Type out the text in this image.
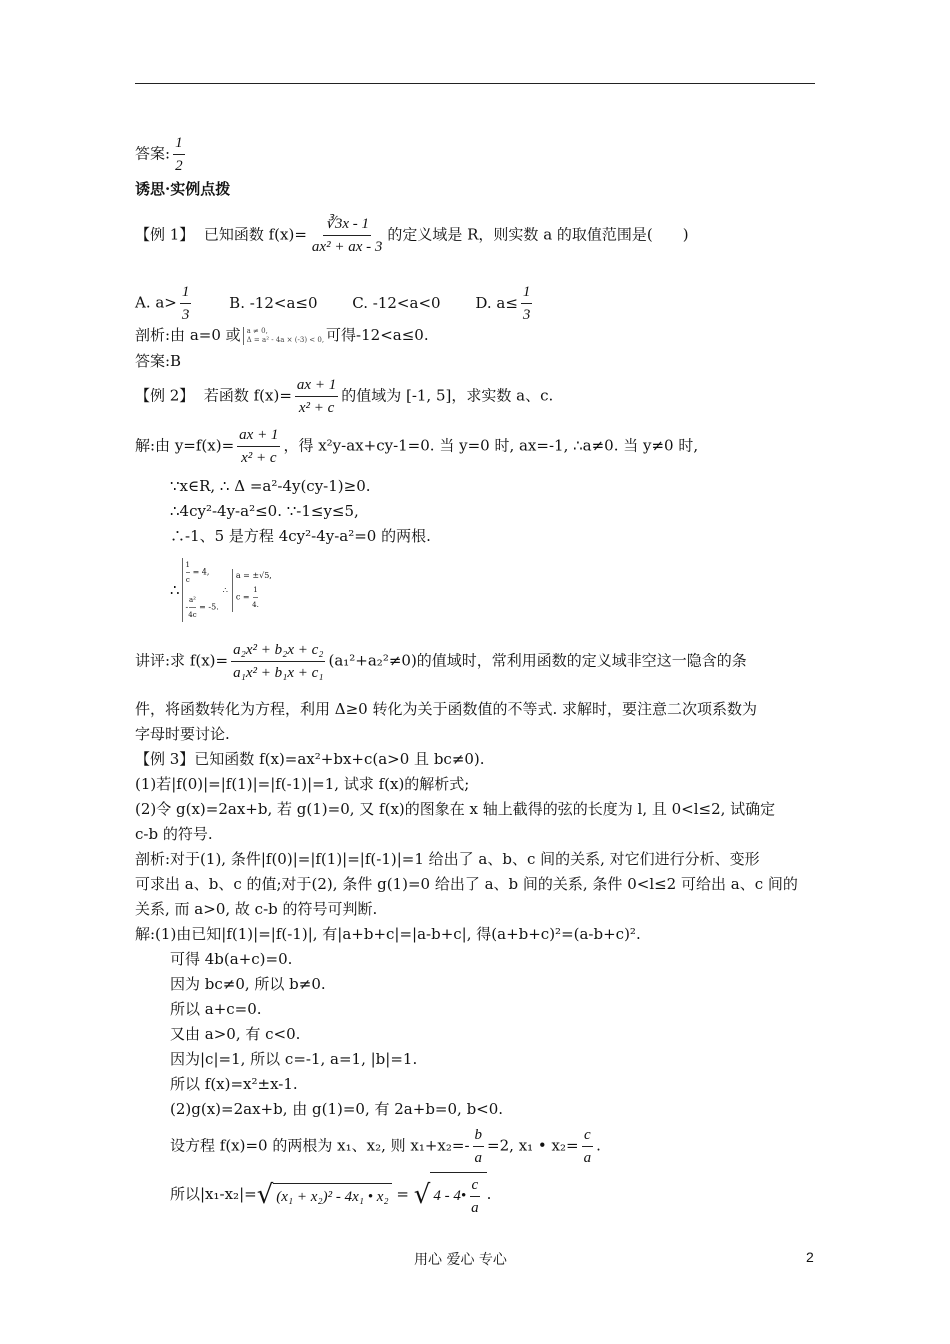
答案: $\frac{1}{2}$
诱思·实例点拨
【例 1】 已知函数 $f(x)= \frac{∛3x - 1}{\text{ax² + ax - 3}}$ 的定义域是 R，则实数 a 的取值范围是(　　)
A. $a> \frac{1}{3}$	B. -12<a≤0 C. -12<a<0 D. $a\le \frac{1}{3}$
剖析:由 a=0 或 a ≠ 0,
Δ = a² - 4a × (-3) < 0, 可得-12<a≤0.
答案:B
【例 2】 若函数 $f(x)= \frac{ax + 1}{\text{x² + c}}$ 的值域为 [-1, 5]，求实数 a、c.
解:由 $y=f(x)= \frac{ax + 1}{\text{x² + c}}$ ，得 x²y-ax+cy-1=0. 当 y=0 时, ax=-1, ∴a≠0. 当 y≠0 时,
∵x∈R, ∴ Δ =a²-4y(cy-1)≥0.
∴4cy²-4y-a²≤0. ∵-1≤y≤5,
∴-1、5 是方程 4cy²-4y-a²=0 的两根.
∴
$\frac{1}{c} = 4$,
- $\frac{\text{a²}}{4c} = -5$.
∴
a = ±√5,
$c = \frac{1}{4.}$
讲评:求 $f(x)= \frac{\text{a₂x² + b₂x + c₂}}{\text{a₁x² + b₁x + c₁}} (a_1^2+a_2^2\ne 0)$的值域时，常利用函数的定义域非空这一隐含的条
件，将函数转化为方程，利用 Δ≥0 转化为关于函数值的不等式. 求解时，要注意二次项系数为
字母时要讨论.
【例 3】已知函数 f(x)=ax²+bx+c(a>0 且 bc≠0).
(1)若|f(0)|=|f(1)|=|f(-1)|=1, 试求 f(x)的解析式;
(2)令 g(x)=2ax+b, 若 g(1)=0, 又 f(x)的图象在 x 轴上截得的弦的长度为 l, 且 0<l≤2, 试确定
c-b 的符号.
剖析:对于(1), 条件|f(0)|=|f(1)|=|f(-1)|=1 给出了 a、b、c 间的关系, 对它们进行分析、变形
可求出 a、b、c 的值;对于(2), 条件 g(1)=0 给出了 a、b 间的关系, 条件 0<l≤2 可给出 a、c 间的
关系, 而 a>0, 故 c-b 的符号可判断.
解:(1)由已知|f(1)|=|f(-1)|, 有|a+b+c|=|a-b+c|, 得(a+b+c)²=(a-b+c)².
可得 4b(a+c)=0.
因为 bc≠0, 所以 b≠0.
所以 a+c=0.
又由 a>0, 有 c<0.
因为|c|=1, 所以 c=-1, a=1, |b|=1.
所以 f(x)=x²±x-1.
(2)g(x)=2ax+b, 由 g(1)=0, 有 2a+b=0, b<0.
设方程 f(x)=0 的两根为 x₁、x₂, 则 $x_1+x_2=- \frac{b}{a} =2$, x₁ • $x_2= \frac{c}{a}$ .
所以|x₁-x₂|= √ (x₁ + x₂)² - 4x₁ • x₂ = √ 4 - 4• $\frac{c}{a}$ .
用心 爱心 专心	2
